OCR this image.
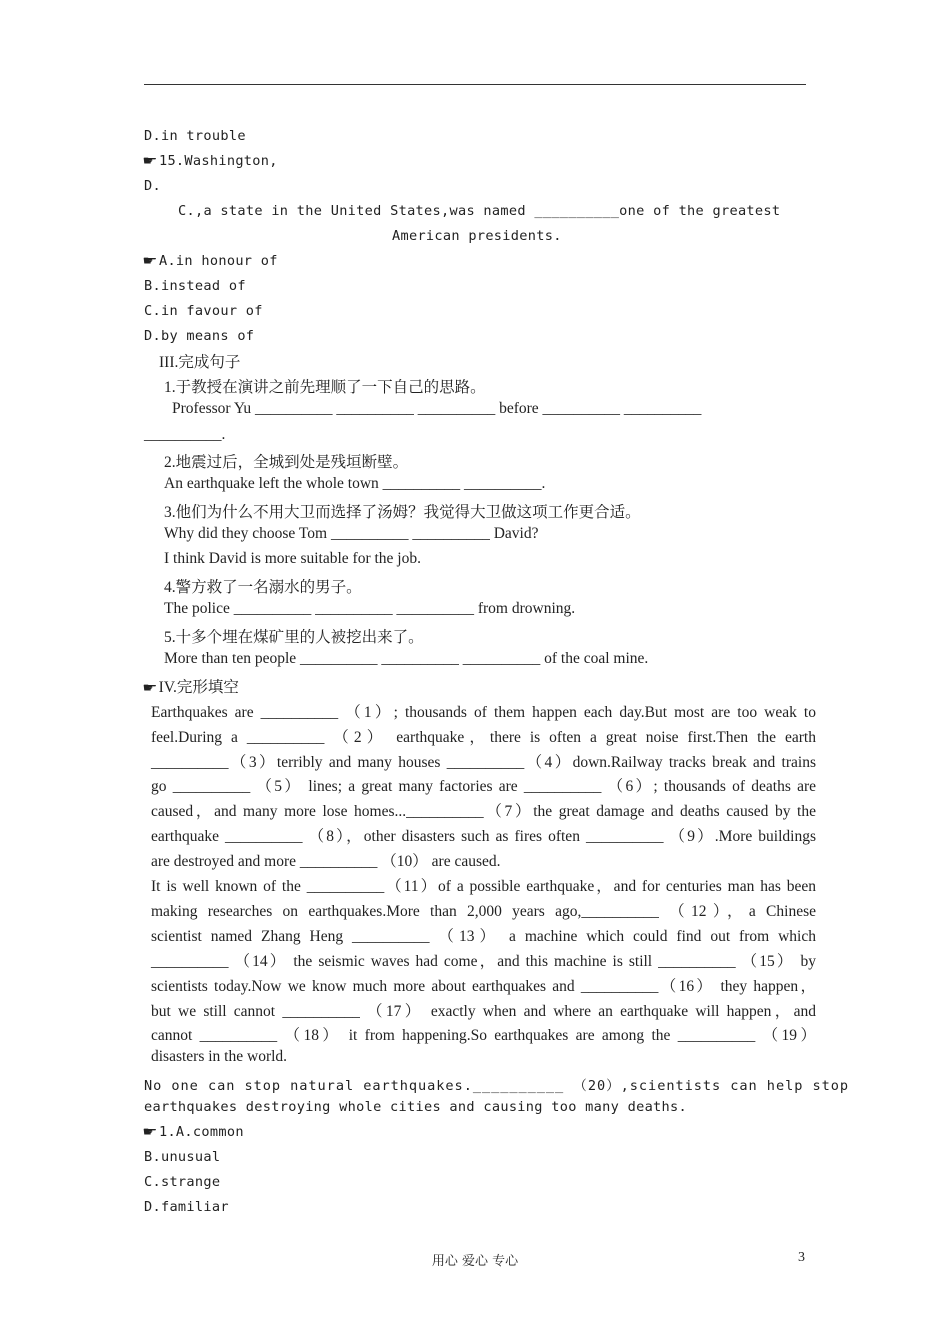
D.in trouble
☛15.Washington,
D.
C.,a state in the United States,was named __________one of the greatest
American presidents.
☛A.in honour of
B.instead of
C.in favour of
D.by means of
III.完成句子
1.于教授在演讲之前先理顺了一下自己的思路。
Professor Yu __________ __________ __________ before __________ __________
__________.
2.地震过后，全城到处是残垣断壁。
An earthquake left the whole town __________ __________.
3.他们为什么不用大卫而选择了汤姆？我觉得大卫做这项工作更合适。
Why did they choose Tom __________ __________ David?
I think David is more suitable for the job.
4.警方救了一名溺水的男子。
The police __________ __________ __________ from drowning.
5.十多个埋在煤矿里的人被挖出来了。
More than ten people __________ __________ __________ of the coal mine.
☛IV.完形填空
Earthquakes are __________ （1）; thousands of them happen each day.But most are too weak to
feel.During a __________ （2） earthquake，there is often a great noise first.Then the earth
__________（3）terribly and many houses __________（4）down.Railway tracks break and trains
go __________ （5） lines; a great many factories are __________ （6）; thousands of deaths are
caused，and many more lose homes...__________（7）the great damage and deaths caused by the
earthquake __________ （8），other disasters such as fires often __________ （9）.More buildings
are destroyed and more __________ （10） are caused.
It is well known of the __________（11）of a possible earthquake，and for centuries man has been
making researches on earthquakes.More than 2,000 years ago,__________ （12），a Chinese
scientist named Zhang Heng __________ （13） a machine which could find out from which
__________ （14） the seismic waves had come，and this machine is still __________ （15） by
scientists today.Now we know much more about earthquakes and __________（16） they happen，
but we still cannot __________ （17） exactly when and where an earthquake will happen，and
cannot __________ （18） it from happening.So earthquakes are among the __________ （19）
disasters in the world.
No one can stop natural earthquakes.__________ （20）,scientists can help stop
earthquakes destroying whole cities and causing too many deaths.
☛1.A.common
B.unusual
C.strange
D.familiar
用心 爱心 专心	3
